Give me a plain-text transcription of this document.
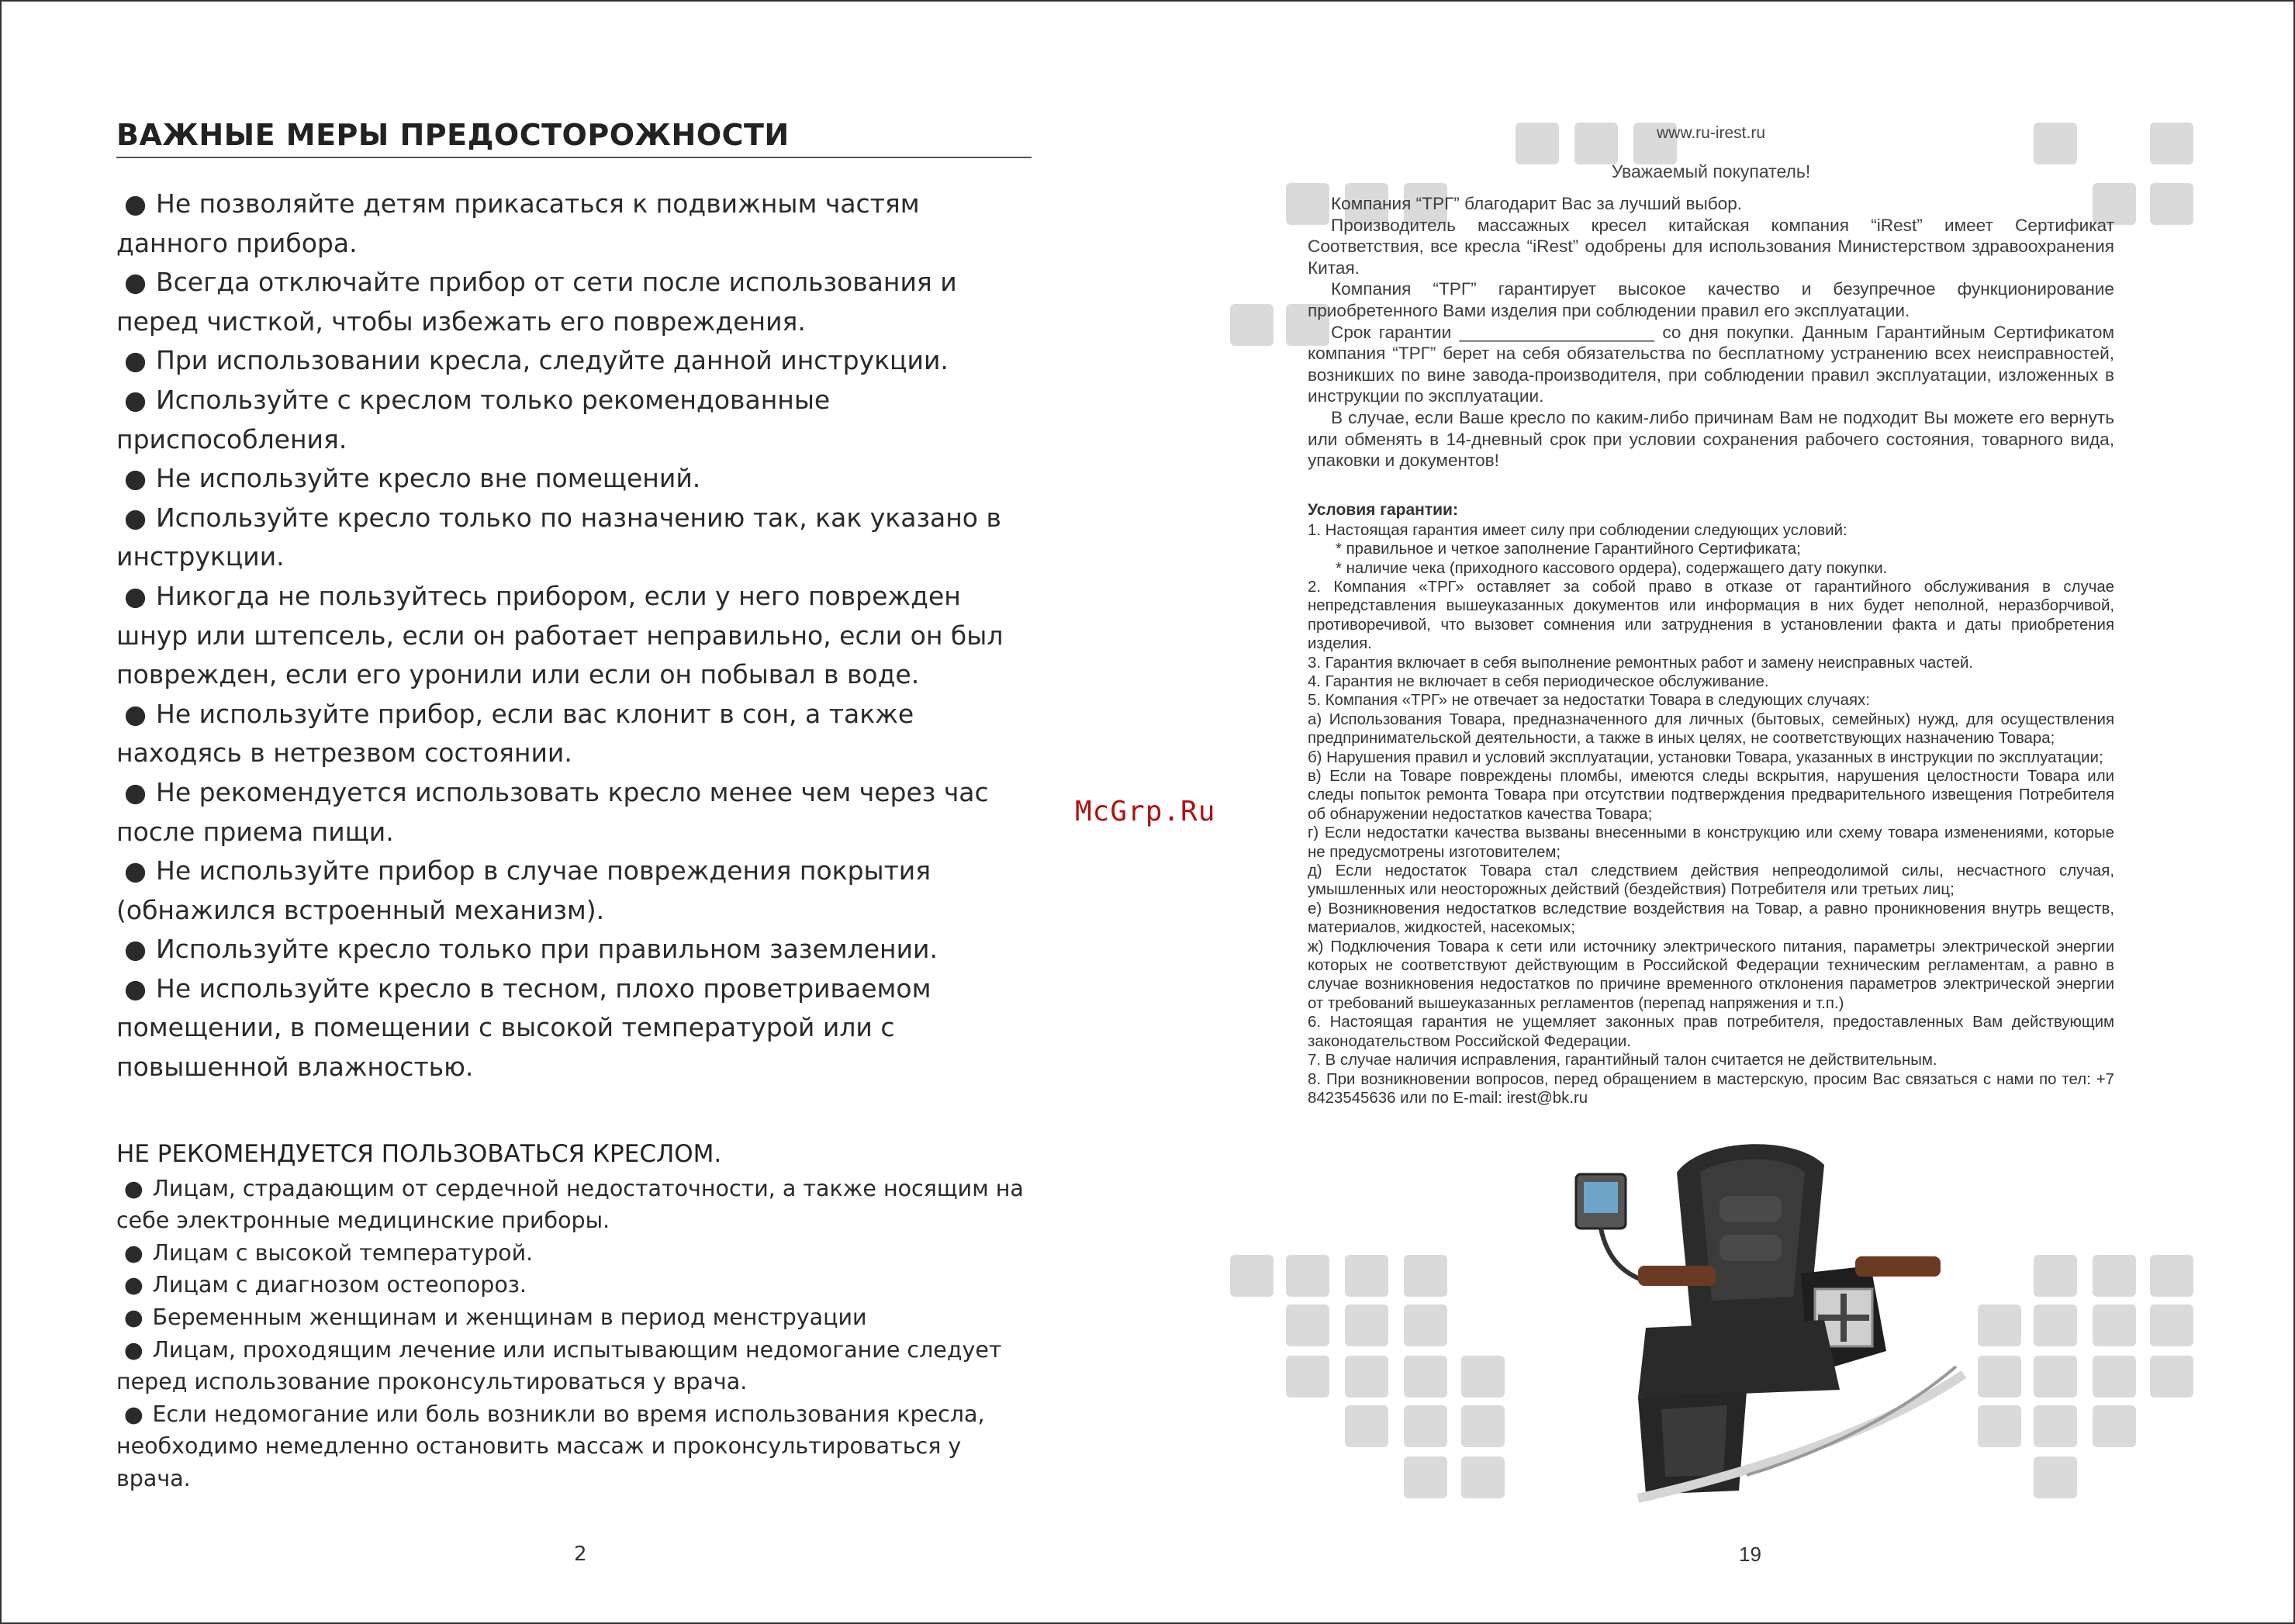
ВАЖНЫЕ МЕРЫ ПРЕДОСТОРОЖНОСТИ
● Не позволяйте детям прикасаться к подвижным частям данного прибора.
● Всегда отключайте прибор от сети после использования и перед чисткой, чтобы избежать его повреждения.
● При использовании кресла, следуйте данной инструкции.
● Используйте с креслом только рекомендованные приспособления.
● Не используйте кресло вне помещений.
● Используйте кресло только по назначению так, как указано в инструкции.
● Никогда не пользуйтесь прибором, если у него поврежден шнур или штепсель, если он работает неправильно, если он был поврежден, если его уронили или если он побывал в воде.
● Не используйте прибор, если вас клонит в сон, а также находясь в нетрезвом состоянии.
● Не рекомендуется использовать кресло менее чем через час после приема пищи.
● Не используйте прибор в случае повреждения покрытия (обнажился встроенный механизм).
● Используйте кресло только при правильном заземлении.
● Не используйте кресло в тесном, плохо проветриваемом помещении, в помещении с высокой температурой или с повышенной влажностью.
НЕ РЕКОМЕНДУЕТСЯ ПОЛЬЗОВАТЬСЯ КРЕСЛОМ.
● Лицам, страдающим от сердечной недостаточности, а также носящим на себе электронные медицинские приборы.
● Лицам с высокой температурой.
● Лицам с диагнозом остеопороз.
● Беременным женщинам и женщинам в период менструации
● Лицам, проходящим лечение или испытывающим недомогание следует перед использование проконсультироваться у врача.
● Если недомогание или боль возникли во время использования кресла, необходимо немедленно остановить массаж и проконсультироваться у врача.
2

www.ru-irest.ru

Уважаемый покупатель!

Компания “ТРГ” благодарит Вас за лучший выбор.

Производитель массажных кресел китайская компания “iRest” имеет Сертификат Соответствия, все кресла “iRest” одобрены для использования Министерством здравоохранения Китая.

Компания “ТРГ” гарантирует высокое качество и безупречное функционирование приобретенного Вами изделия при соблюдении правил его эксплуатации.

Срок гарантии ____________________ со дня покупки. Данным Гарантийным Сертификатом компания “ТРГ” берет на себя обязательства по бесплатному устранению всех неисправностей, возникших по вине завода-производителя, при соблюдении правил эксплуатации, изложенных в инструкции по эксплуатации.

В случае, если Ваше кресло по каким-либо причинам Вам не подходит Вы можете его вернуть или обменять в 14-дневный срок при условии сохранения рабочего состояния, товарного вида, упаковки и документов!

Условия гарантии:

1. Настоящая гарантия имеет силу при соблюдении следующих условий:

* правильное и четкое заполнение Гарантийного Сертификата;

* наличие чека (приходного кассового ордера), содержащего дату покупки.

2. Компания «ТРГ» оставляет за собой право в отказе от гарантийного обслуживания в случае непредставления вышеуказанных документов или информация в них будет неполной, неразборчивой, противоречивой, что вызовет сомнения или затруднения в установлении факта и даты приобретения изделия.

3. Гарантия включает в себя выполнение ремонтных работ и замену неисправных частей.

4. Гарантия не включает в себя периодическое обслуживание.

5. Компания «ТРГ» не отвечает за недостатки Товара в следующих случаях:

а) Использования Товара, предназначенного для личных (бытовых, семейных) нужд, для осуществления предпринимательской деятельности, а также в иных целях, не соответствующих назначению Товара;

б) Нарушения правил и условий эксплуатации, установки Товара, указанных в инструкции по эксплуатации;

в) Если на Товаре повреждены пломбы, имеются следы вскрытия, нарушения целостности Товара или следы попыток ремонта Товара при отсутствии подтверждения предварительного извещения Потребителя об обнаружении недостатков качества Товара;

г) Если недостатки качества вызваны внесенными в конструкцию или схему товара изменениями, которые не предусмотрены изготовителем;

д) Если недостаток Товара стал следствием действия непреодолимой силы, несчастного случая, умышленных или неосторожных действий (бездействия) Потребителя или третьих лиц;

е) Возникновения недостатков вследствие воздействия на Товар, а равно проникновения внутрь веществ, материалов, жидкостей, насекомых;

ж) Подключения Товара к сети или источнику электрического питания, параметры электрической энергии которых не соответствуют действующим в Российской Федерации техническим регламентам, а равно в случае возникновения недостатков по причине временного отклонения параметров электрической энергии от требований вышеуказанных регламентов (перепад напряжения и т.п.)

6. Настоящая гарантия не ущемляет законных прав потребителя, предоставленных Вам действующим законодательством Российской Федерации.

7. В случае наличия исправления, гарантийный талон считается не действительным.

8. При возникновении вопросов, перед обращением в мастерскую, просим Вас связаться с нами по тел: +7 8423545636 или по E-mail: irest@bk.ru

19
McGrp.Ru
